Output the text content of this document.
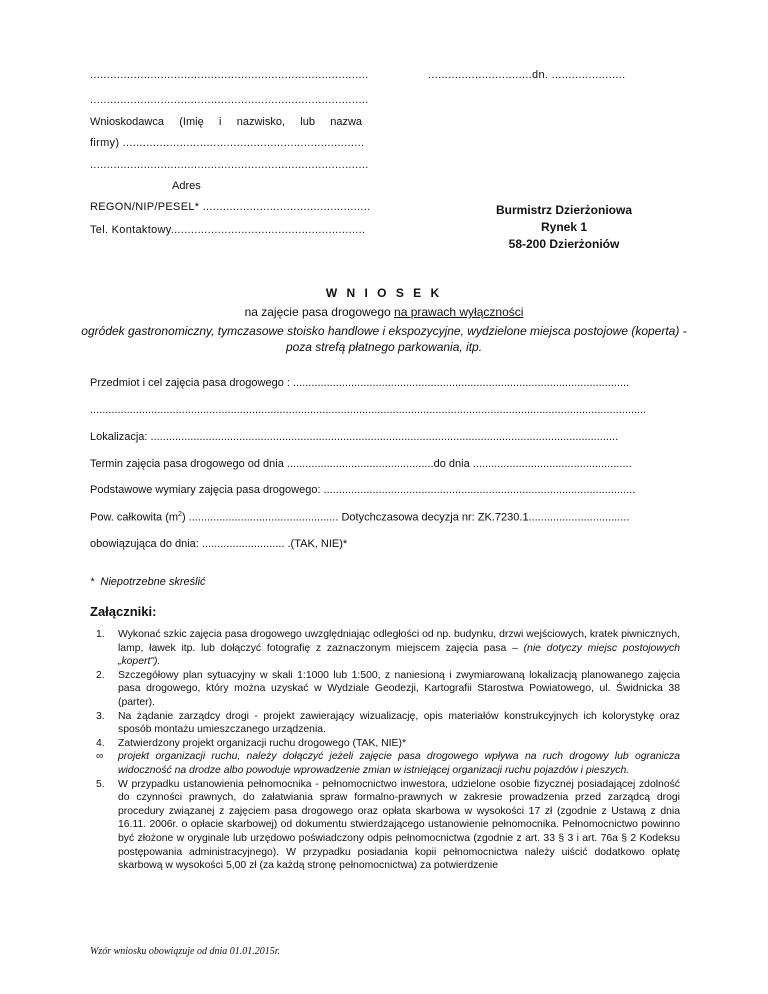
...................................................................................	...............................dn. ......................
...................................................................................
Wnioskodawca     (Imię     i     nazwisko,     lub     nazwa
firmy) ........................................................................
...................................................................................
Adres
REGON/NIP/PESEL* ..................................................
Tel. Kontaktowy..........................................................
Burmistrz Dzierżoniowa
Rynek 1
58-200 Dzierżoniów
W N I O S E K
na zajęcie pasa drogowego na prawach wyłączności
ogródek gastronomiczny, tymczasowe stoisko handlowe i ekspozycyjne, wydzielone miejsca postojowe (koperta) - poza strefą płatnego parkowania, itp.
Przedmiot i cel zajęcia pasa drogowego : ..............................................................................................................
......................................................................................................................................................................................
Lokalizacja: .........................................................................................................................................................
Termin zajęcia pasa drogowego od dnia ................................................do dnia ....................................................
Podstawowe wymiary zajęcia pasa drogowego: ......................................................................................................
Pow. całkowita $(m^2)$ ................................................. Dotychczasowa decyzja nr: ZK.7230.1.................................
obowiązująca do dnia: ........................... .(TAK, NIE)*
*  Niepotrzebne skreślić
Załączniki:
1. Wykonać szkic zajęcia pasa drogowego uwzględniając odległości od np. budynku, drzwi wejściowych, kratek piwnicznych, lamp, ławek itp. lub dołączyć fotografię z zaznaczonym miejscem zajęcia pasa – (nie dotyczy miejsc postojowych „kopert").
2. Szczegółowy plan sytuacyjny w skali 1:1000 lub 1:500, z naniesioną i zwymiarowaną lokalizacją planowanego zajęcia pasa drogowego, który można uzyskać w Wydziale Geodezji, Kartografii Starostwa Powiatowego, ul. Świdnicka 38 (parter).
3. Na żądanie zarządcy drogi - projekt zawierający wizualizację, opis materiałów konstrukcyjnych ich kolorystykę oraz sposób montażu umieszczanego urządzenia.
4. Zatwierdzony projekt organizacji ruchu drogowego (TAK, NIE)*
∞ projekt organizacji ruchu, należy dołączyć jeżeli zajęcie pasa drogowego wpływa na ruch drogowy lub ogranicza widoczność na drodze albo powoduje wprowadzenie zmian w istniejącej organizacji ruchu pojazdów i pieszych.
5. W przypadku ustanowienia pełnomocnika - pełnomocnictwo inwestora, udzielone osobie fizycznej posiadającej zdolność do czynności prawnych, do załatwiania spraw formalno-prawnych w zakresie prowadzenia przed zarządcą drogi procedury związanej z zajęciem pasa drogowego oraz opłata skarbowa w wysokości 17 zł (zgodnie z Ustawą z dnia 16.11. 2006r. o opłacie skarbowej) od dokumentu stwierdzającego ustanowienie pełnomocnika. Pełnomocnictwo powinno być złożone w oryginale lub urzędowo poświadczony odpis pełnomocnictwa (zgodnie z art. 33 § 3 i art. 76a § 2 Kodeksu postępowania administracyjnego). W przypadku posiadania kopii pełnomocnictwa należy uiścić dodatkowo opłatę skarbową w wysokości 5,00 zł (za każdą stronę pełnomocnictwa) za potwierdzenie
Wzór wniosku obowiązuje od dnia 01.01.2015r.
